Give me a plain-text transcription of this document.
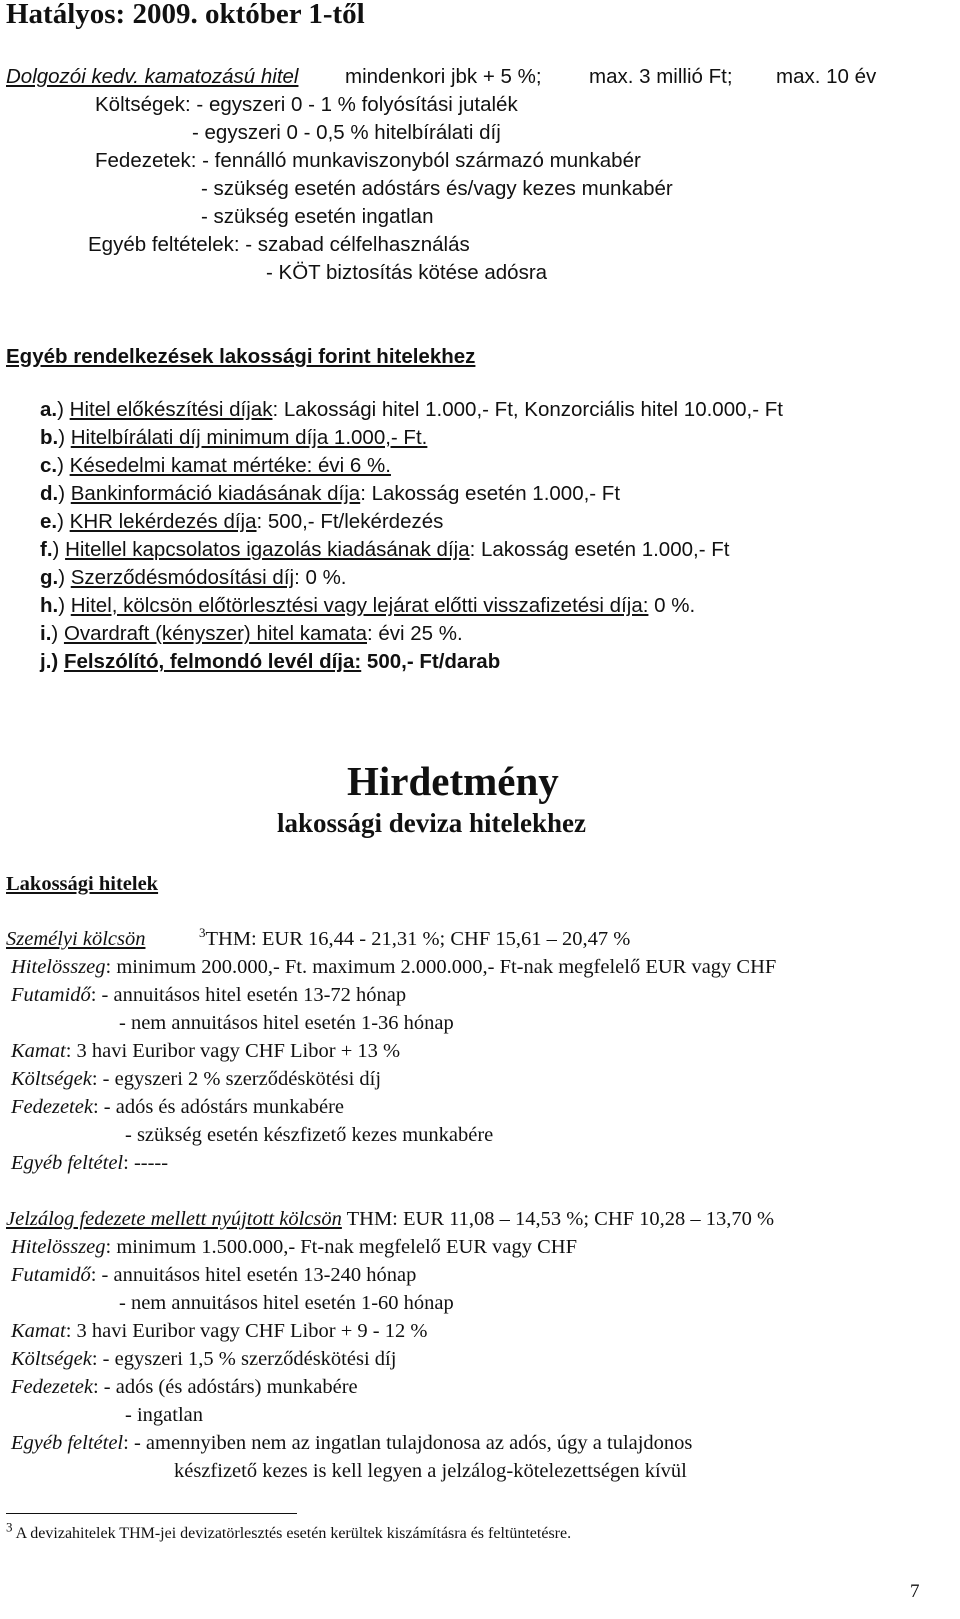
Hatályos: 2009. október 1-től
Dolgozói kedv. kamatozású hitel mindenkori jbk + 5 %; max. 3 millió Ft; max. 10 év
Költségek: - egyszeri 0 - 1 % folyósítási jutalék
- egyszeri 0 - 0,5 % hitelbírálati díj
Fedezetek: - fennálló munkaviszonyból származó munkabér
- szükség esetén adóstárs és/vagy kezes munkabér
- szükség esetén ingatlan
Egyéb feltételek: - szabad célfelhasználás
- KÖT biztosítás kötése adósra
Egyéb rendelkezések lakossági forint hitelekhez
a.) Hitel előkészítési díjak: Lakossági hitel 1.000,- Ft, Konzorciális hitel 10.000,- Ft
b.) Hitelbírálati díj minimum díja 1.000,- Ft.
c.) Késedelmi kamat mértéke: évi 6 %.
d.) Bankinformáció kiadásának díja: Lakosság esetén 1.000,- Ft
e.) KHR lekérdezés díja: 500,- Ft/lekérdezés
f.) Hitellel kapcsolatos igazolás kiadásának díja: Lakosság esetén 1.000,- Ft
g.) Szerződésmódosítási díj: 0 %.
h.) Hitel, kölcsön előtörlesztési vagy lejárat előtti visszafizetési díja: 0 %.
i.) Ovardraft (kényszer) hitel kamata: évi 25 %.
j.) Felszólító, felmondó levél díja: 500,- Ft/darab
Hirdetmény
lakossági deviza hitelekhez
Lakossági hitelek
Személyi kölcsön	$^3$THM: EUR 16,44 - 21,31 %; CHF 15,61 – 20,47 %
Hitelösszeg: minimum 200.000,- Ft. maximum 2.000.000,- Ft-nak megfelelő EUR vagy CHF
Futamidő: - annuitásos hitel esetén 13-72 hónap
- nem annuitásos hitel esetén 1-36 hónap
Kamat: 3 havi Euribor vagy CHF Libor + 13 %
Költségek: - egyszeri 2 % szerződéskötési díj
Fedezetek: - adós és adóstárs munkabére
- szükség esetén készfizető kezes munkabére
Egyéb feltétel: -----
Jelzálog fedezete mellett nyújtott kölcsön THM: EUR 11,08 – 14,53 %; CHF 10,28 – 13,70 %
Hitelösszeg: minimum 1.500.000,- Ft-nak megfelelő EUR vagy CHF
Futamidő: - annuitásos hitel esetén 13-240 hónap
- nem annuitásos hitel esetén 1-60 hónap
Kamat: 3 havi Euribor vagy CHF Libor + 9 - 12 %
Költségek: - egyszeri 1,5 % szerződéskötési díj
Fedezetek: - adós (és adóstárs) munkabére
- ingatlan
Egyéb feltétel: - amennyiben nem az ingatlan tulajdonosa az adós, úgy a tulajdonos
készfizető kezes is kell legyen a jelzálog-kötelezettségen kívül
$^3$ A devizahitelek THM-jei devizatörlesztés esetén kerültek kiszámításra és feltüntetésre.
7
